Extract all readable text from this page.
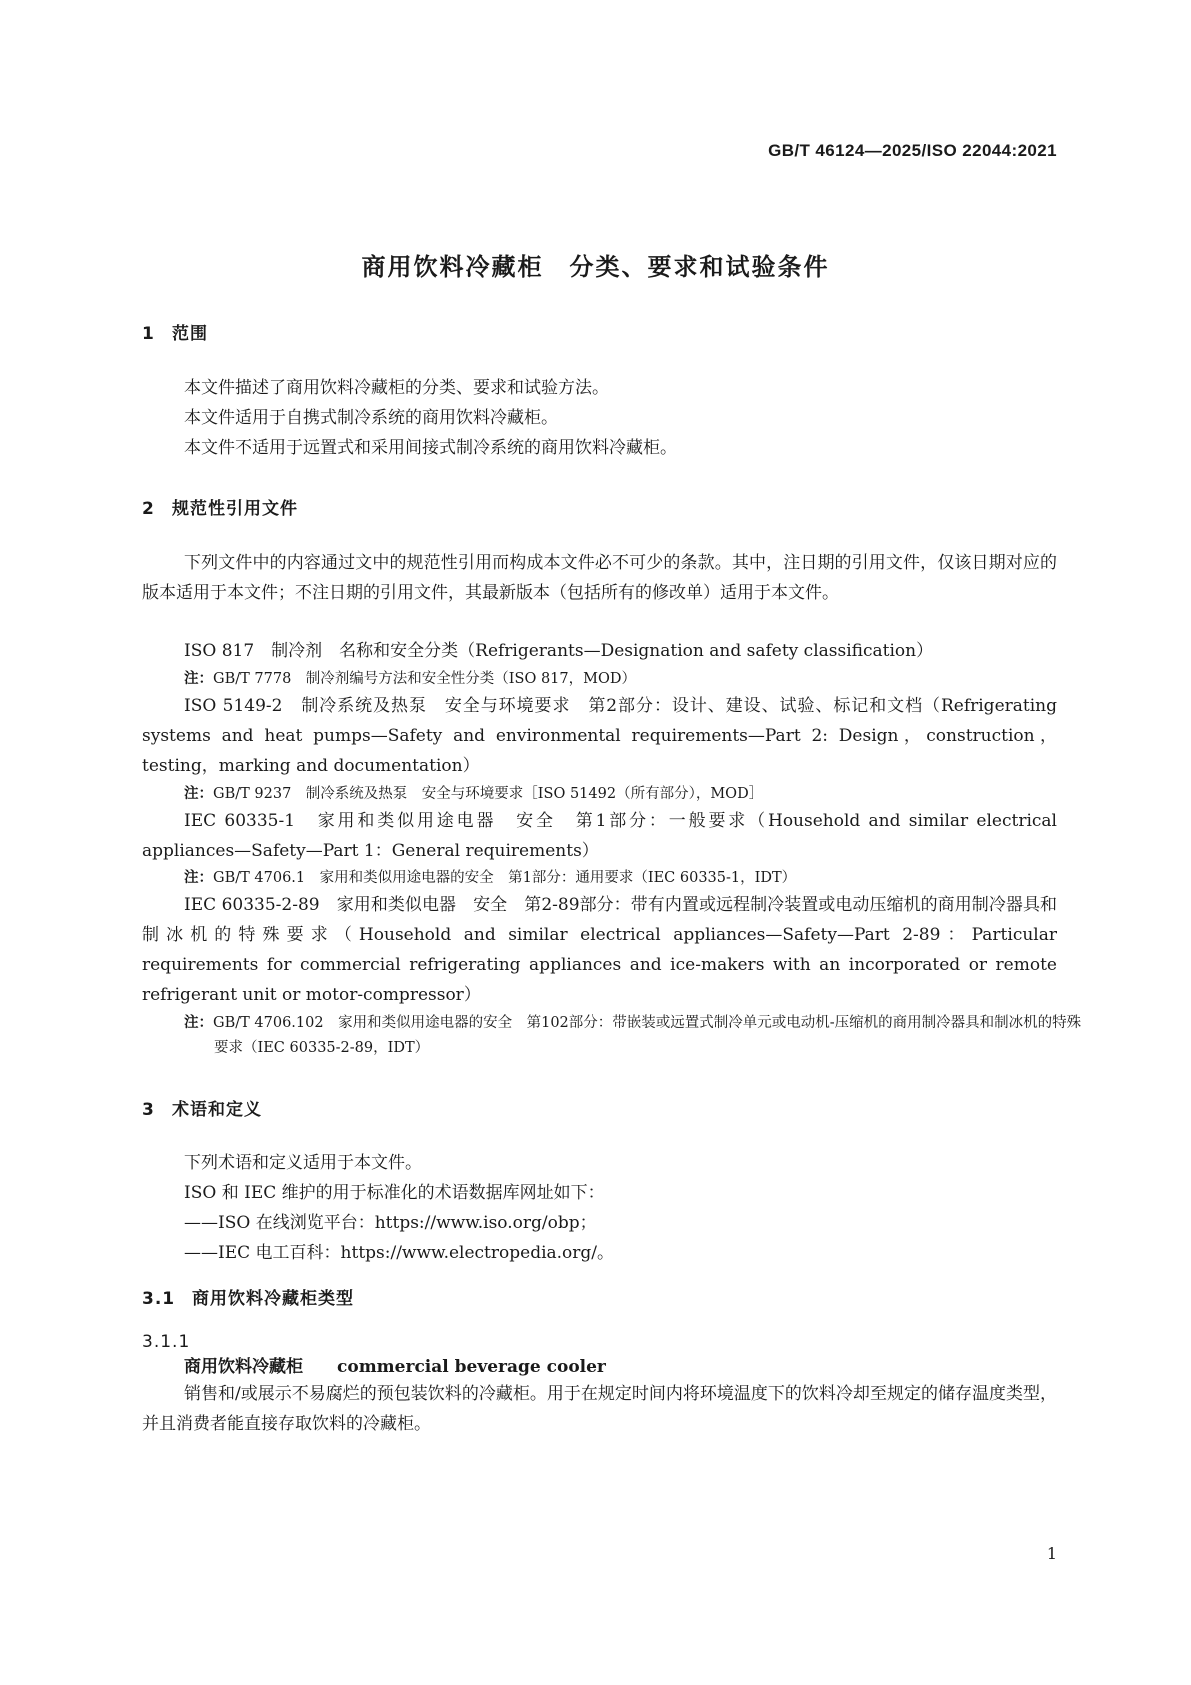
GB/T 46124—2025/ISO 22044:2021
商用饮料冷藏柜　分类、要求和试验条件
1 范围
本文件描述了商用饮料冷藏柜的分类、要求和试验方法。
本文件适用于自携式制冷系统的商用饮料冷藏柜。
本文件不适用于远置式和采用间接式制冷系统的商用饮料冷藏柜。
2 规范性引用文件
下列文件中的内容通过文中的规范性引用而构成本文件必不可少的条款。其中，注日期的引用文件，仅该日期对应的版本适用于本文件；不注日期的引用文件，其最新版本（包括所有的修改单）适用于本文件。
ISO 817　制冷剂　名称和安全分类（Refrigerants—Designation and safety classification）
注：GB/T 7778　制冷剂编号方法和安全性分类（ISO 817，MOD）
ISO 5149-2　制冷系统及热泵　安全与环境要求　第2部分：设计、建设、试验、标记和文档（Refrigerating systems and heat pumps—Safety and environmental requirements—Part 2: Design，construction，testing，marking and documentation）
注：GB/T 9237　制冷系统及热泵　安全与环境要求［ISO 51492（所有部分），MOD］
IEC 60335-1　家用和类似用途电器　安全　第1部分：一般要求（Household and similar electrical appliances—Safety—Part 1：General requirements）
注：GB/T 4706.1　家用和类似用途电器的安全　第1部分：通用要求（IEC 60335-1，IDT）
IEC 60335-2-89　家用和类似电器　安全　第2-89部分：带有内置或远程制冷装置或电动压缩机的商用制冷器具和制冰机的特殊要求（Household and similar electrical appliances—Safety—Part 2-89：Particular requirements for commercial refrigerating appliances and ice-makers with an incorporated or remote refrigerant unit or motor-compressor）
注：GB/T 4706.102　家用和类似用途电器的安全　第102部分：带嵌装或远置式制冷单元或电动机-压缩机的商用制冷器具和制冰机的特殊要求（IEC 60335-2-89，IDT）
3 术语和定义
下列术语和定义适用于本文件。
ISO 和 IEC 维护的用于标准化的术语数据库网址如下：
——ISO 在线浏览平台：https://www.iso.org/obp；
——IEC 电工百科：https://www.electropedia.org/。
3.1 商用饮料冷藏柜类型
3.1.1
商用饮料冷藏柜 commercial beverage cooler
销售和/或展示不易腐烂的预包装饮料的冷藏柜。用于在规定时间内将环境温度下的饮料冷却至规定的储存温度类型，并且消费者能直接存取饮料的冷藏柜。
1
